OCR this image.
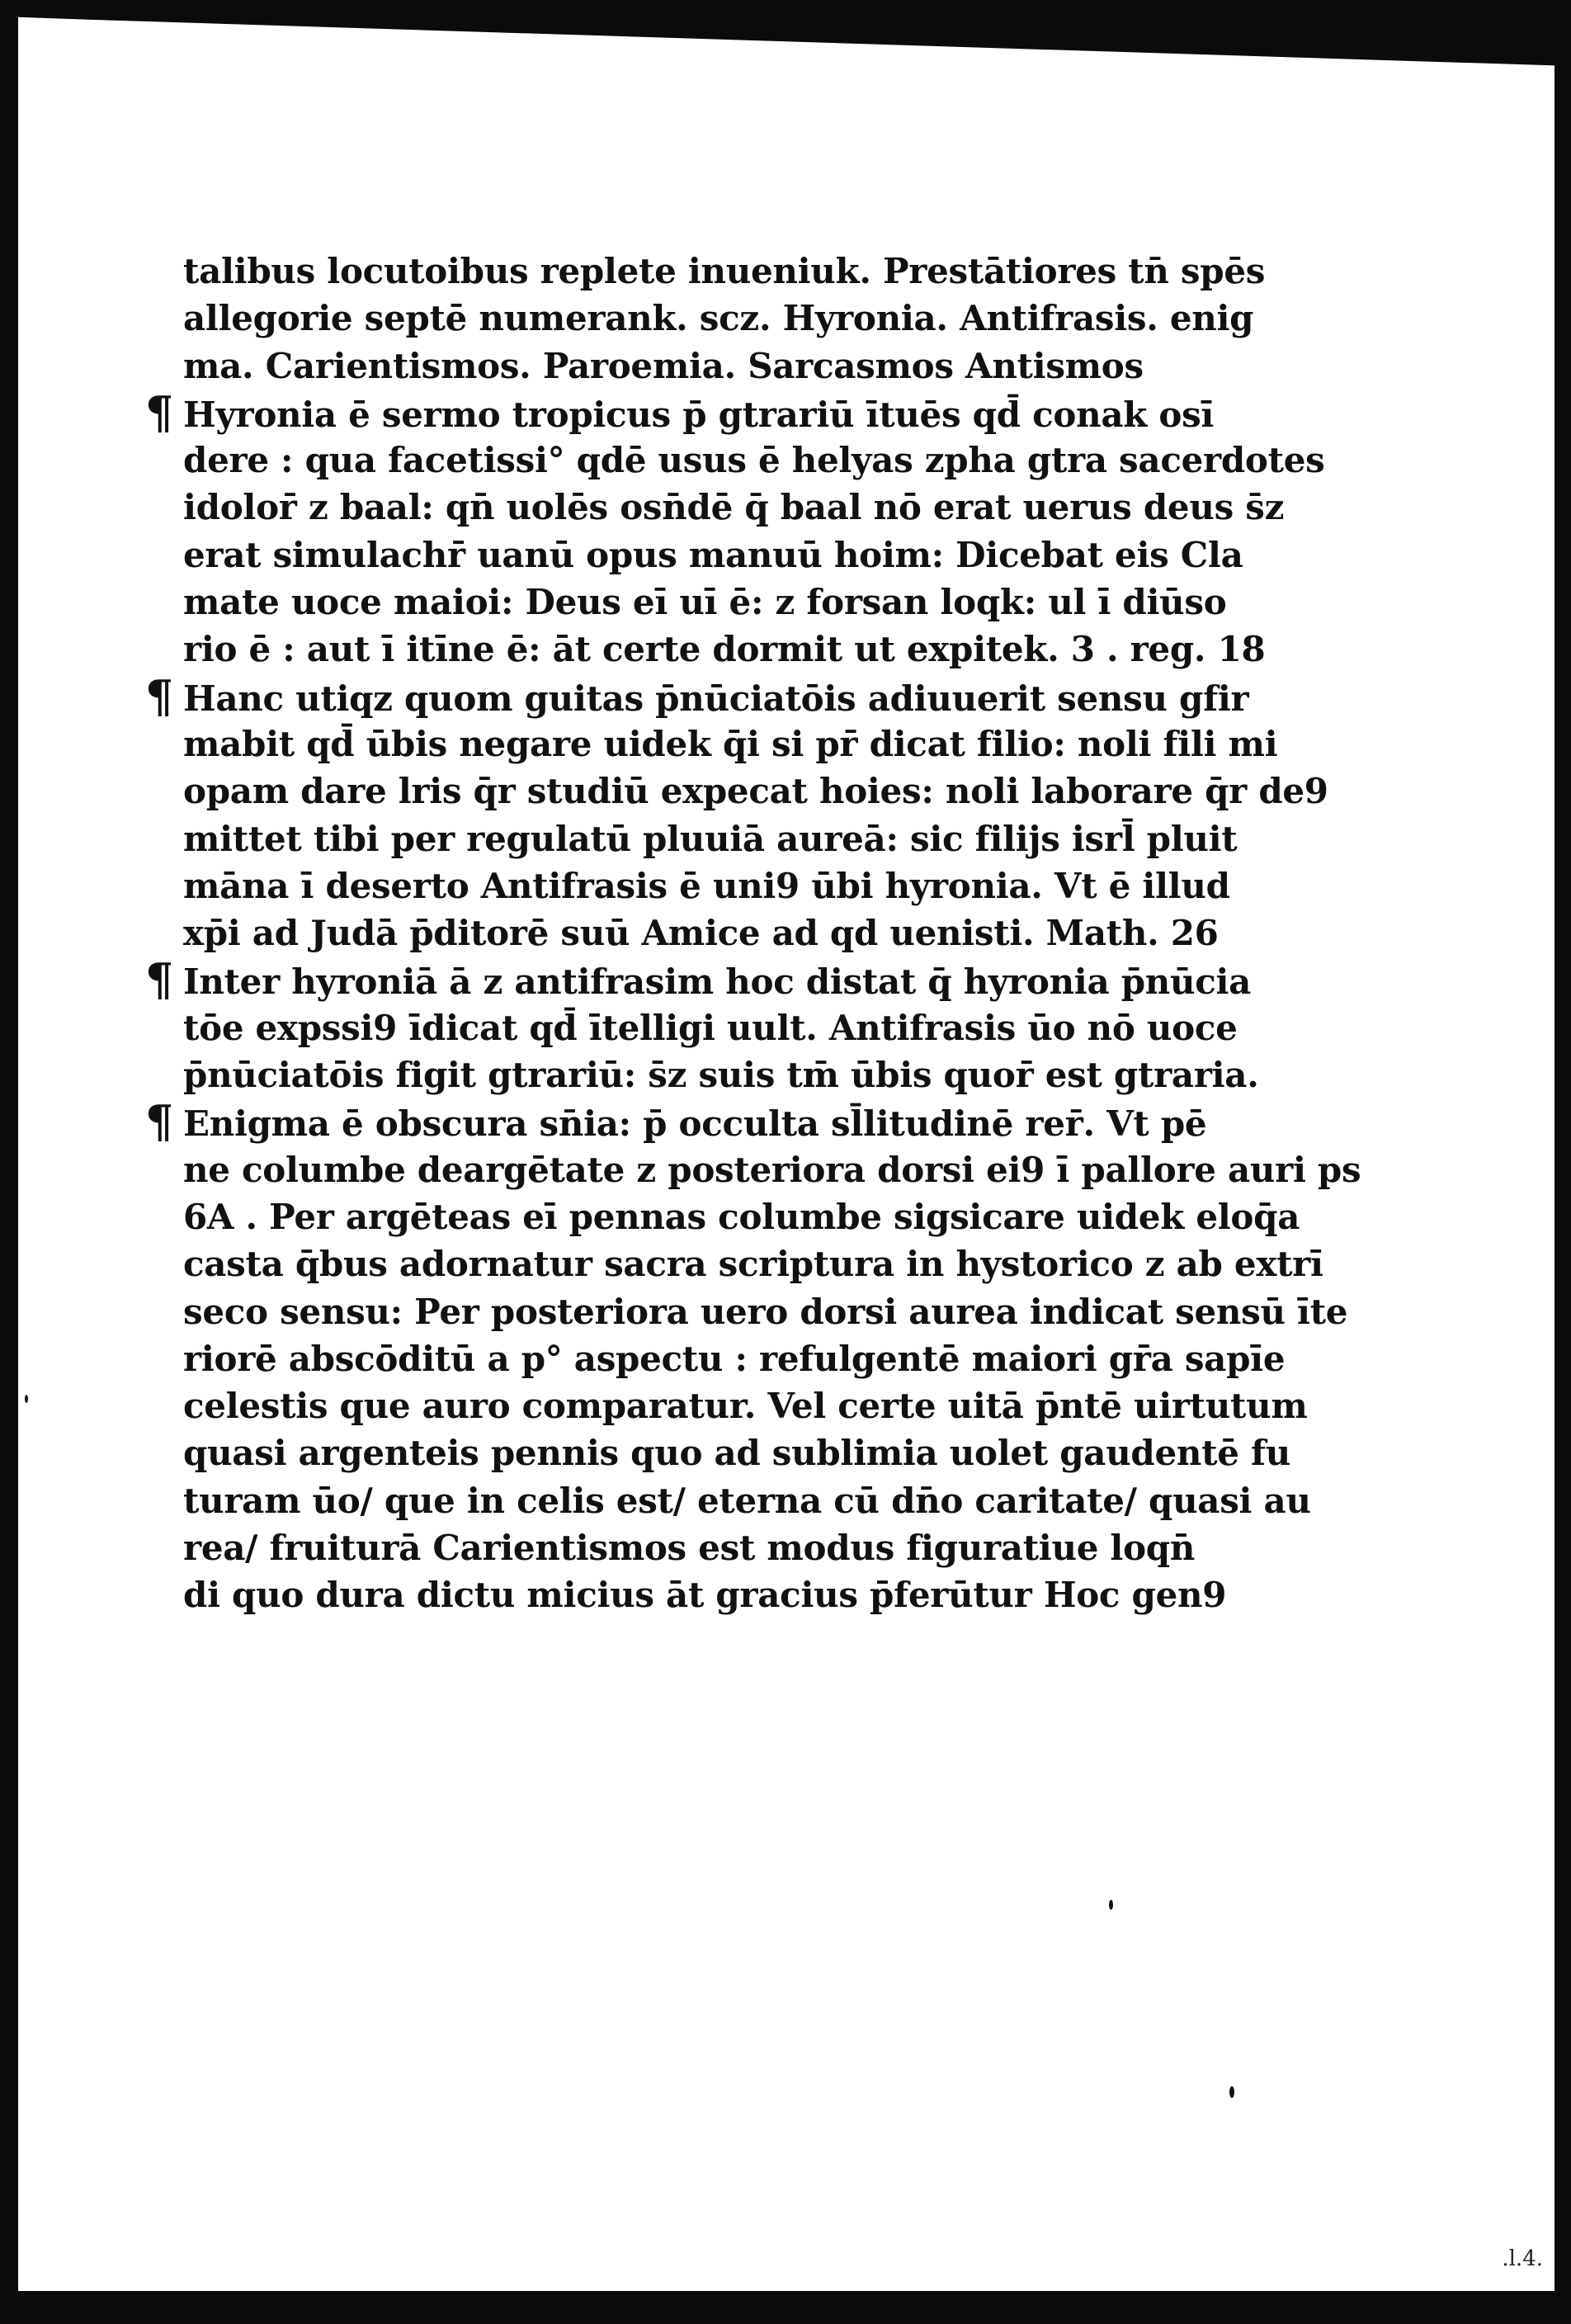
talibus locutoibus replete inueniuk. Prestātiores tn̄ spēs
allegorie septē numerank. scz. Hyronia. Antifrasis. enig
ma. Carientismos. Paroemia. Sarcasmos Antismos
¶ Hyronia ē sermo tropicus p̄ gtrariū ītuēs qd̄ conak osī
dere : qua facetissi° qdē usus ē helyas zpha gtra sacerdotes
idolor̄ z baal: qn̄ uolēs osn̄dē q̄ baal nō erat uerus deus s̄z
erat simulachr̄ uanū opus manuū hoim: Dicebat eis Cla
mate uoce maioi: Deus eī uī ē: z forsan loqk: ul ī diūso
rio ē : aut ī itīne ē: āt certe dormit ut expitek. 3 . reg. 18
¶ Hanc utiqz quom guitas p̄nūciatōis adiuuerit sensu gfir
mabit qd̄ ūbis negare uidek q̄i si pr̄ dicat filio: noli fili mi
opam dare lris q̄r studiū expecat hoies: noli laborare q̄r de9
mittet tibi per regulatū pluuiā aureā: sic filijs isrl̄ pluit
māna ī deserto Antifrasis ē uni9 ūbi hyronia. Vt ē illud
xp̄i ad Judā p̄ditorē suū Amice ad qd uenisti. Math. 26
¶ Inter hyroniā ā z antifrasim hoc distat q̄ hyronia p̄nūcia
tōe expssi9 īdicat qd̄ ītelligi uult. Antifrasis ūo nō uoce
p̄nūciatōis figit gtrariū: s̄z suis tm̄ ūbis quor̄ est gtraria.
¶ Enigma ē obscura sn̄ia: p̄ occulta sl̄litudinē rer̄. Vt pē
ne columbe deargētate z posteriora dorsi ei9 ī pallore auri ps
6A . Per argēteas eī pennas columbe sigsicare uidek eloq̄a
casta q̄bus adornatur sacra scriptura in hystorico z ab extrī
seco sensu: Per posteriora uero dorsi aurea indicat sensū īte
riorē abscōditū a p° aspectu : refulgentē maiori gr̄a sapīe
celestis que auro comparatur. Vel certe uitā p̄ntē uirtutum
quasi argenteis pennis quo ad sublimia uolet gaudentē fu
turam ūo/ que in celis est/ eterna cū dn̄o caritate/ quasi au
rea/ fruiturā Carientismos est modus figuratiue loqn̄
di quo dura dictu micius āt gracius p̄ferūtur Hoc gen9
.l.4.
